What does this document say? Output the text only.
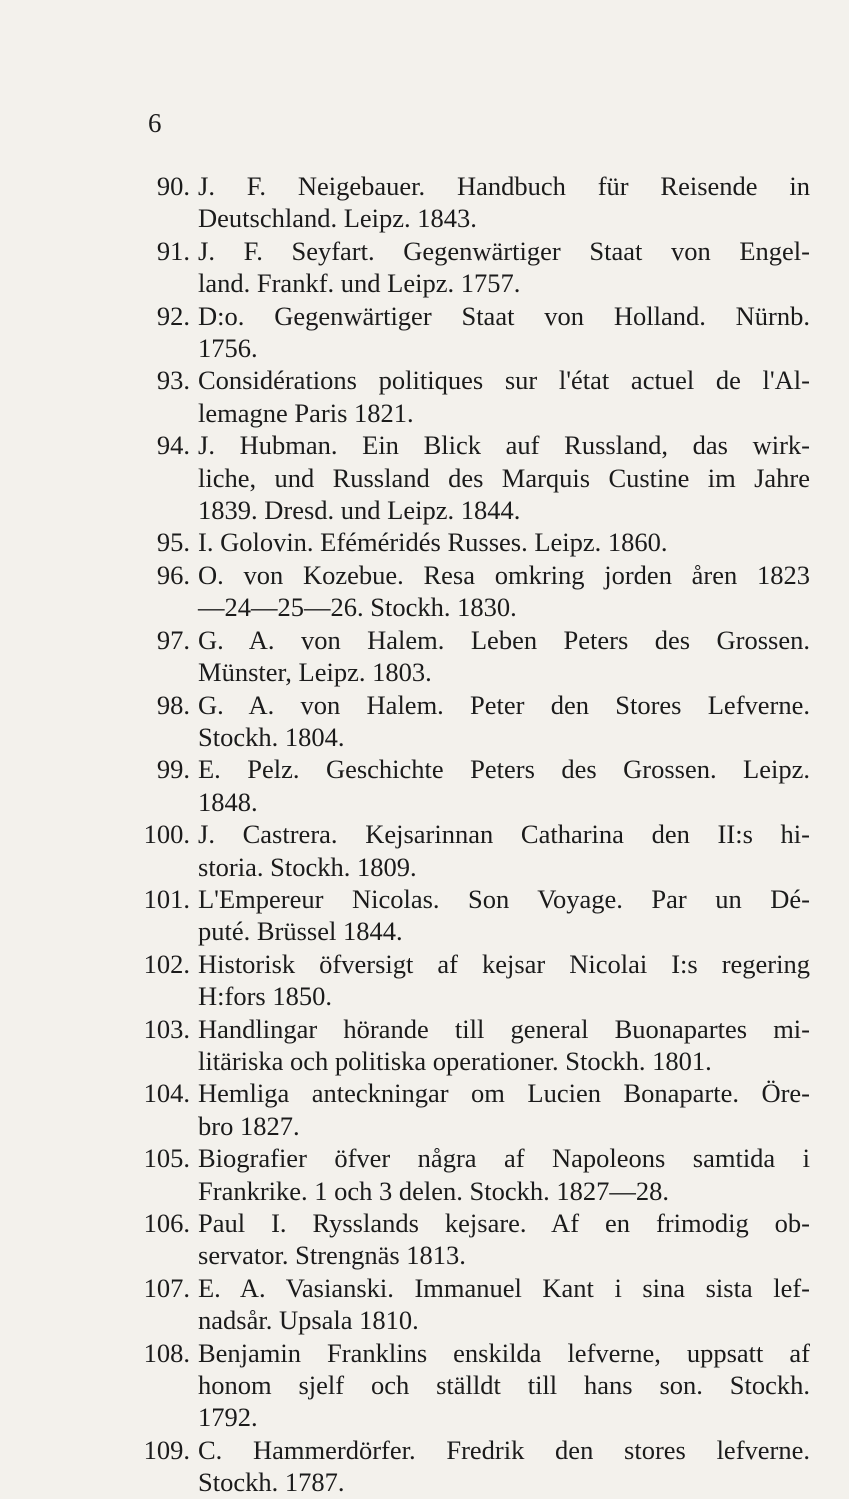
6
90. J. F. Neigebauer. Handbuch für Reisende in
Deutschland. Leipz. 1843.
91. J. F. Seyfart. Gegenwärtiger Staat von Engel-
land. Frankf. und Leipz. 1757.
92. D:o. Gegenwärtiger Staat von Holland. Nürnb.
1756.
93. Considérations politiques sur l'état actuel de l'Al-
lemagne Paris 1821.
94. J. Hubman. Ein Blick auf Russland, das wirk-
liche, und Russland des Marquis Custine im Jahre
1839. Dresd. und Leipz. 1844.
95. I. Golovin. Eféméridés Russes. Leipz. 1860.
96. O. von Kozebue. Resa omkring jorden åren 1823
—24—25—26. Stockh. 1830.
97. G. A. von Halem. Leben Peters des Grossen.
Münster, Leipz. 1803.
98. G. A. von Halem. Peter den Stores Lefverne.
Stockh. 1804.
99. E. Pelz. Geschichte Peters des Grossen. Leipz.
1848.
100. J. Castrera. Kejsarinnan Catharina den II:s hi-
storia. Stockh. 1809.
101. L'Empereur Nicolas. Son Voyage. Par un Dé-
puté. Brüssel 1844.
102. Historisk öfversigt af kejsar Nicolai I:s regering
H:fors 1850.
103. Handlingar hörande till general Buonapartes mi-
litäriska och politiska operationer. Stockh. 1801.
104. Hemliga anteckningar om Lucien Bonaparte. Öre-
bro 1827.
105. Biografier öfver några af Napoleons samtida i
Frankrike. 1 och 3 delen. Stockh. 1827—28.
106. Paul I. Rysslands kejsare. Af en frimodig ob-
servator. Strengnäs 1813.
107. E. A. Vasianski. Immanuel Kant i sina sista lef-
nadsår. Upsala 1810.
108. Benjamin Franklins enskilda lefverne, uppsatt af
honom sjelf och ställdt till hans son. Stockh.
1792.
109. C. Hammerdörfer. Fredrik den stores lefverne.
Stockh. 1787.
